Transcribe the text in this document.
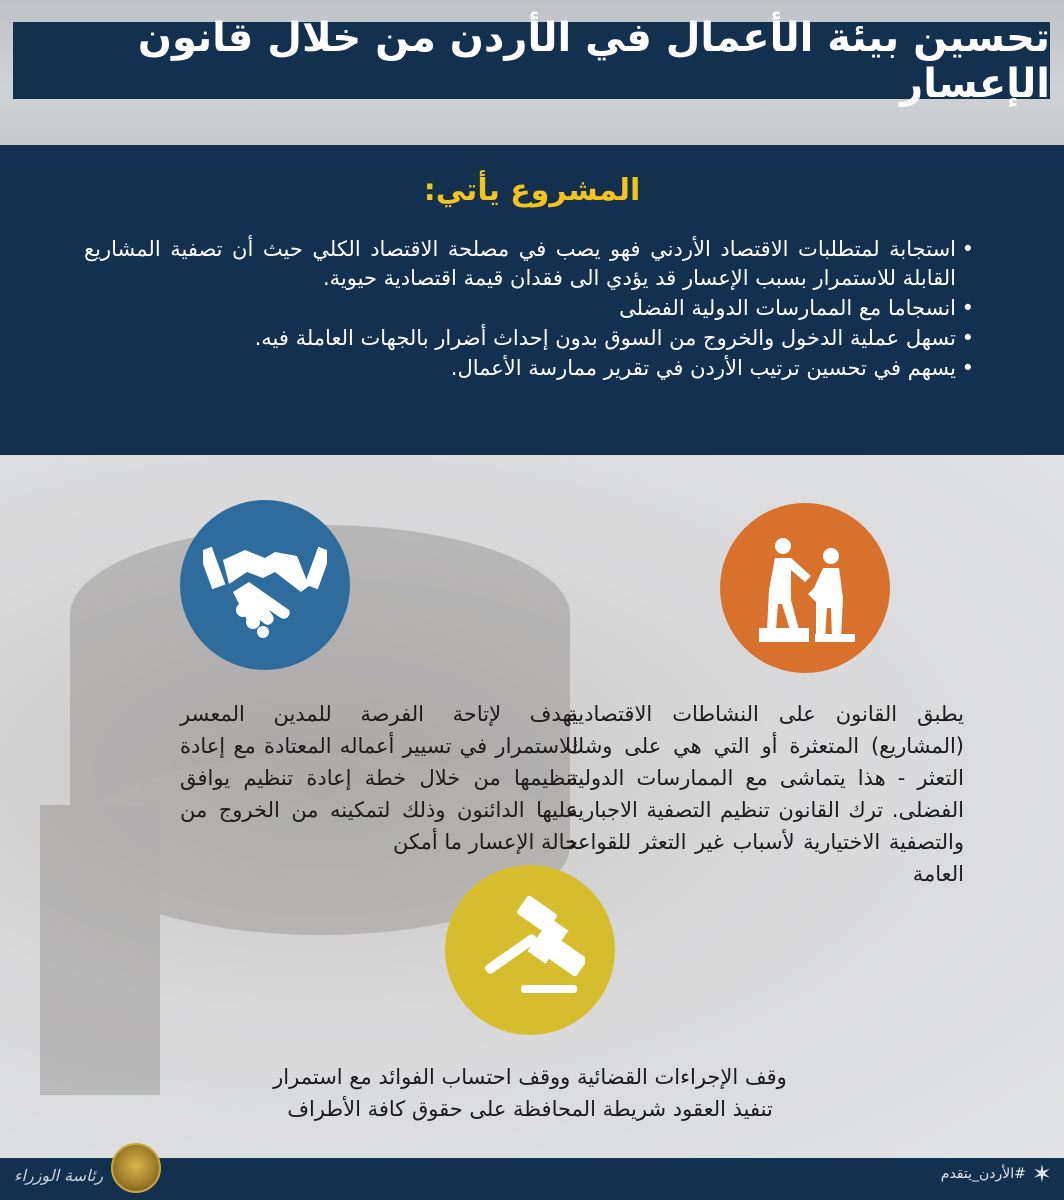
تحسين بيئة الأعمال في الأردن من خلال قانون الإعسار
المشروع يأتي:
• استجابة لمتطلبات الاقتصاد الأردني فهو يصب في مصلحة الاقتصاد الكلي حيث أن تصفية المشاريع القابلة للاستمرار بسبب الإعسار قد يؤدي الى فقدان قيمة اقتصادية حيوية.
• انسجاما مع الممارسات الدولية الفضلى
• تسهل عملية الدخول والخروج من السوق بدون إحداث أضرار بالجهات العاملة فيه.
• يسهم في تحسين ترتيب الأردن في تقرير ممارسة الأعمال.

يطبق القانون على النشاطات الاقتصادية (المشاريع) المتعثرة أو التي هي على وشك التعثر - هذا يتماشى مع الممارسات الدولية الفضلى. ترك القانون تنظيم التصفية الاجبارية والتصفية الاختيارية لأسباب غير التعثر للقواعد العامة

يهدف لإتاحة الفرصة للمدين المعسر للاستمرار في تسيير أعماله المعتادة مع إعادة تنظيمها من خلال خطة إعادة تنظيم يوافق عليها الدائنون وذلك لتمكينه من الخروج من حالة الإعسار ما أمكن

وقف الإجراءات القضائية ووقف احتساب الفوائد مع استمرار تنفيذ العقود شريطة المحافظة على حقوق كافة الأطراف

رئاسة الوزراء	✶
#الأردن_يتقدم
